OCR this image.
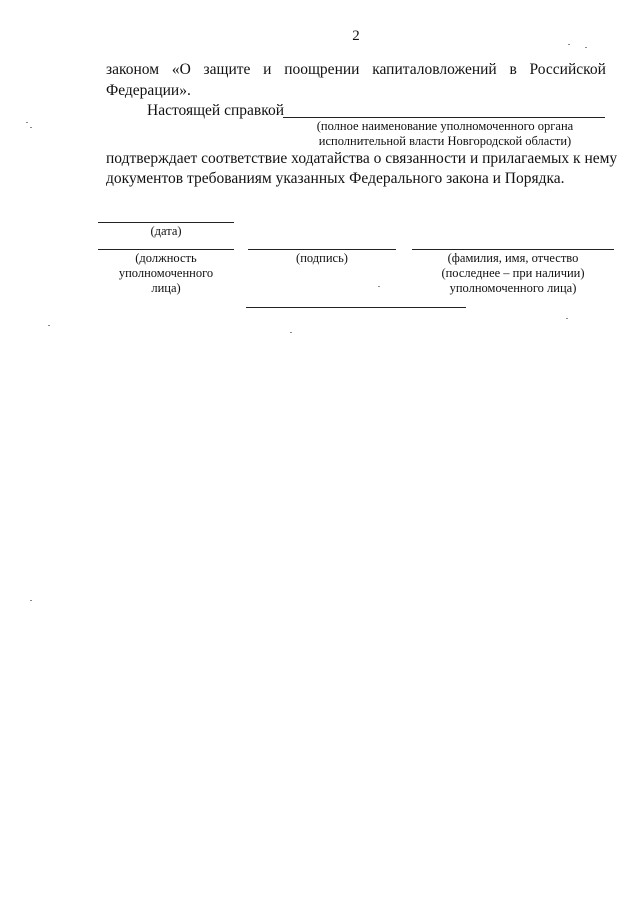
2
законом «О защите и поощрении капиталовложений в Российской
Федерации».
Настоящей справкой
(полное наименование уполномоченного органа
исполнительной власти Новгородской области)
подтверждает соответствие ходатайства о связанности и прилагаемых к нему
документов требованиям указанных Федерального закона и Порядка.
(дата)
(должность
уполномоченного
лица)
(подпись)	(фамилия, имя, отчество
(последнее – при наличии)
уполномоченного лица)
